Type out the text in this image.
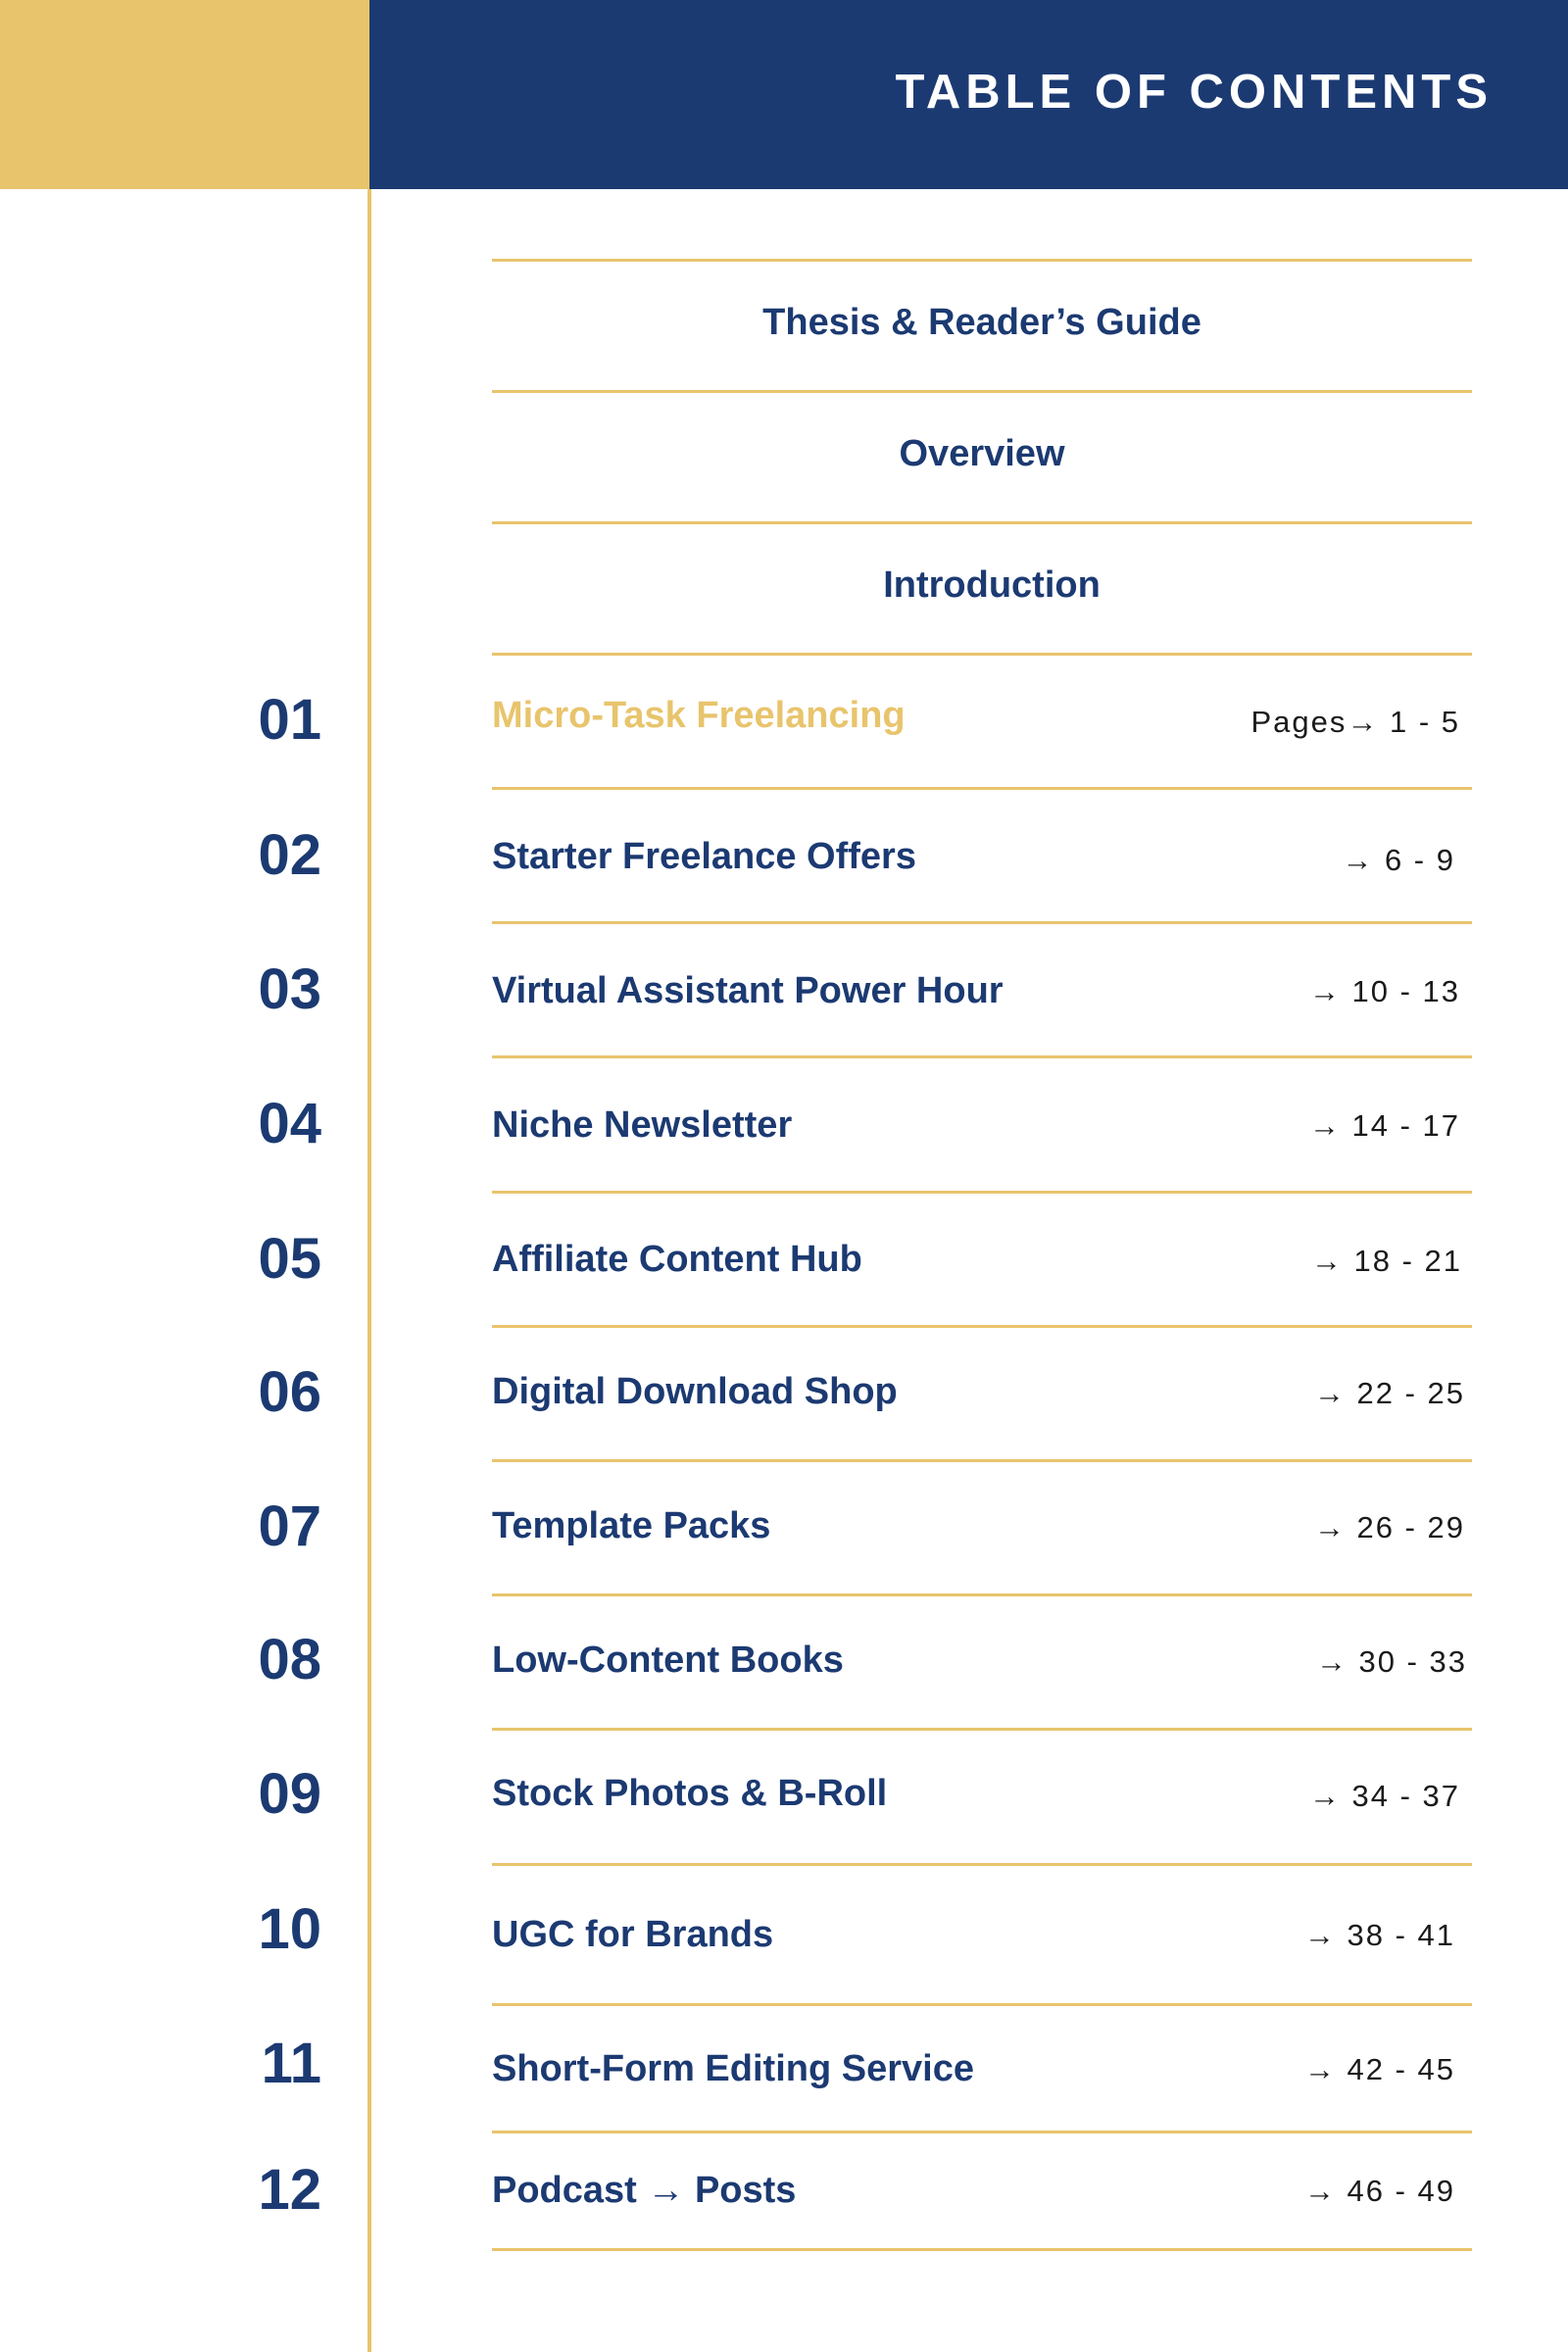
TABLE OF CONTENTS
Thesis & Reader’s Guide
Overview
Introduction
01	Micro-Task Freelancing	Pages→ 1 - 5
02	Starter Freelance Offers	→ 6 - 9
03	Virtual Assistant Power Hour	→ 10 - 13
04	Niche Newsletter	→ 14 - 17
05	Affiliate Content Hub	→ 18 - 21
06	Digital Download Shop	→ 22 - 25
07	Template Packs	→ 26 - 29
08	Low-Content Books	→ 30 - 33
09	Stock Photos & B-Roll	→ 34 - 37
10	UGC for Brands	→ 38 - 41
11	Short-Form Editing Service	→ 42 - 45
12	Podcast → Posts	→ 46 - 49
